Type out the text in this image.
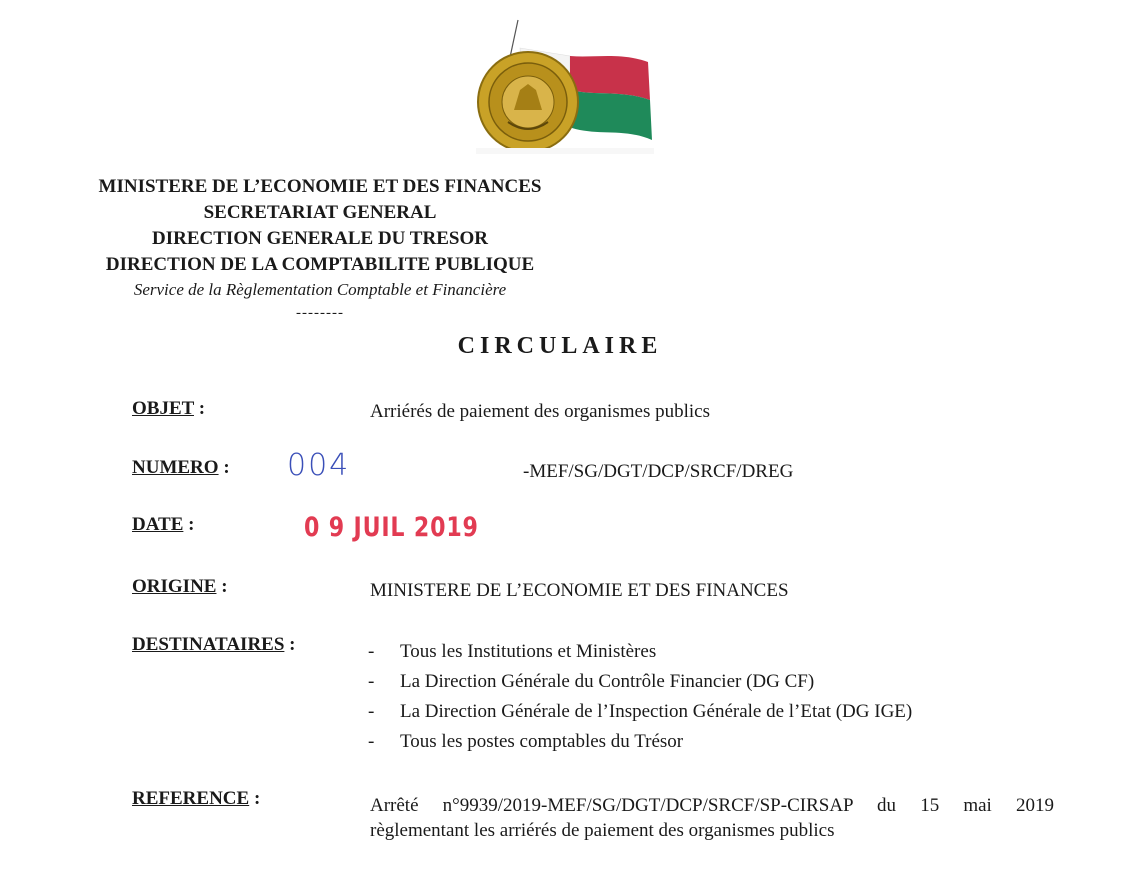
MINISTERE DE L’ECONOMIE ET DES FINANCES
SECRETARIAT GENERAL
DIRECTION GENERALE DU TRESOR
DIRECTION DE LA COMPTABILITE PUBLIQUE
Service de la Règlementation Comptable et Financière
--------
CIRCULAIRE
OBJET :	Arriérés de paiement des organismes publics
NUMERO : 004	-MEF/SG/DGT/DCP/SRCF/DREG
DATE :	0 9 JUIL 2019
ORIGINE :	MINISTERE DE L’ECONOMIE ET DES FINANCES
DESTINATAIRES :	- Tous les Institutions et Ministères
- La Direction Générale du Contrôle Financier (DG CF)
- La Direction Générale de l’Inspection Générale de l’Etat (DG IGE)
- Tous les postes comptables du Trésor
REFERENCE :	Arrêté n°9939/2019-MEF/SG/DGT/DCP/SRCF/SP-CIRSAP du 15 mai 2019 règlementant les arriérés de paiement des organismes publics
